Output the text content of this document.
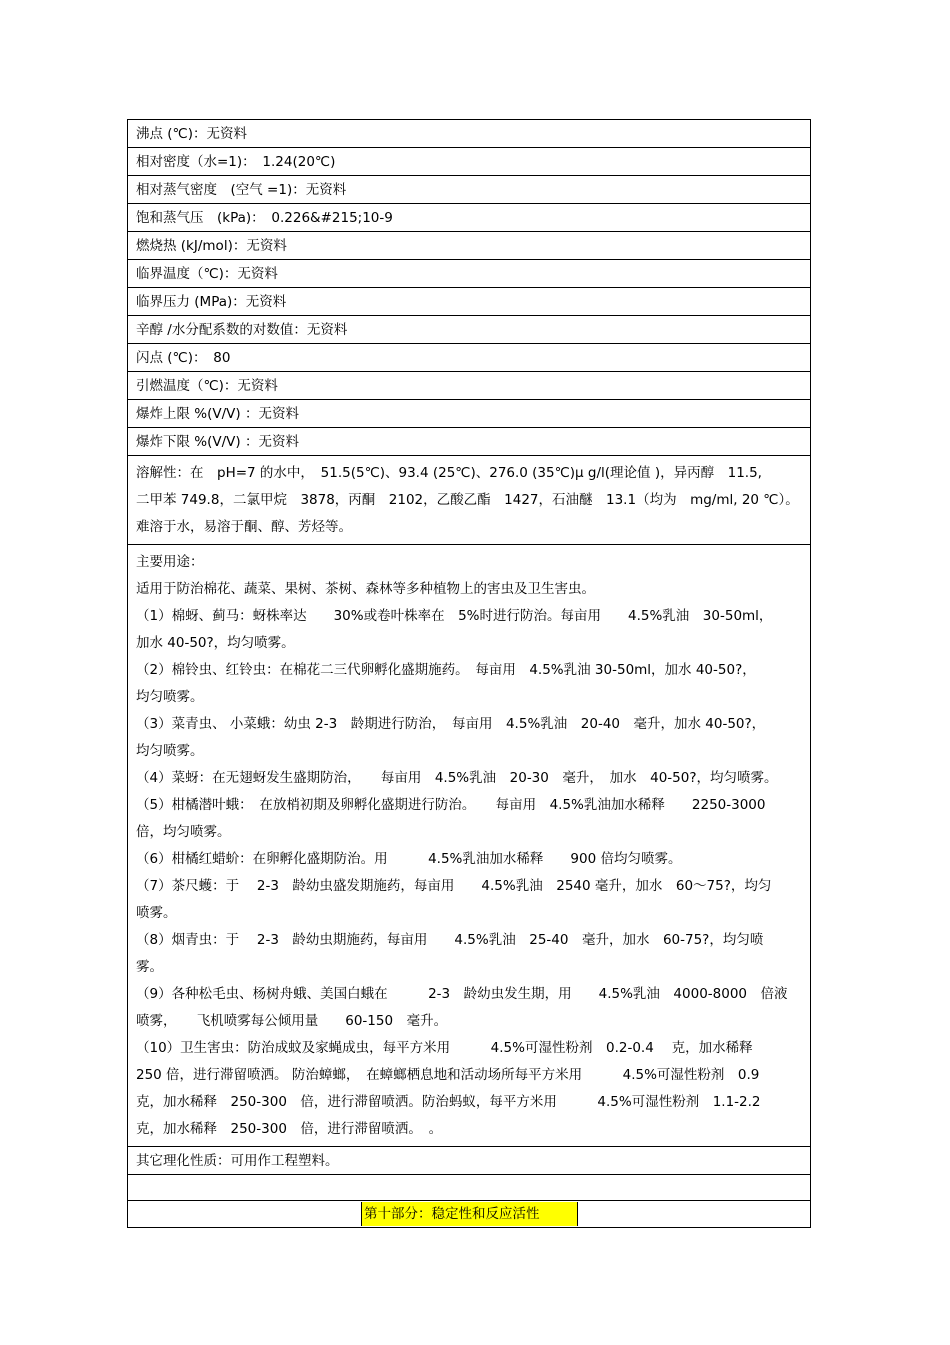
沸点 (℃)：无资料
相对密度（水=1)：　1.24(20℃)
相对蒸气密度　(空气 =1)：无资料
饱和蒸气压　(kPa)：　0.226&#215;10-9
燃烧热 (kJ/mol)：无资料
临界温度（℃)：无资料
临界压力 (MPa)：无资料
辛醇 /水分配系数的对数值：无资料
闪点 (℃)：　80
引燃温度（℃)：无资料
爆炸上限 %(V/V) ：无资料
爆炸下限 %(V/V) ：无资料

溶解性：在　pH=7 的水中，　51.5(5℃)、93.4 (25℃)、276.0 (35℃)μ g/l(理论值 )，异丙醇　11.5,

二甲苯 749.8，二氯甲烷　3878，丙酮　2102，乙酸乙酯　1427，石油醚　13.1（均为　mg/ml, 20 ℃）。

难溶于水，易溶于酮、醇、芳烃等。

主要用途：

适用于防治棉花、蔬菜、果树、茶树、森林等多种植物上的害虫及卫生害虫。

（1）棉蚜、蓟马：蚜株率达　　30%或卷叶株率在　5%时进行防治。每亩用　　4.5%乳油　30-50ml，

加水 40-50?，均匀喷雾。

（2）棉铃虫、红铃虫：在棉花二三代卵孵化盛期施药。　每亩用　4.5%乳油 30-50ml，加水 40-50?，

均匀喷雾。

（3）菜青虫、 小菜蛾：幼虫 2-3　龄期进行防治，　每亩用　4.5%乳油　20-40　毫升，加水 40-50?，

均匀喷雾。

（4）菜蚜：在无翅蚜发生盛期防治，　　每亩用　4.5%乳油　20-30　毫升，　加水　40-50?，均匀喷雾。

（5）柑橘潜叶蛾：　在放梢初期及卵孵化盛期进行防治。　　每亩用　4.5%乳油加水稀释　　2250-3000

倍，均匀喷雾。

（6）柑橘红蜡蚧：在卵孵化盛期防治。用　　　4.5%乳油加水稀释　　900 倍均匀喷雾。

（7）茶尺蠖：于　 2-3　龄幼虫盛发期施药，每亩用　　4.5%乳油　2540 毫升，加水　60～75?，均匀

喷雾。

（8）烟青虫：于　 2-3　龄幼虫期施药，每亩用　　4.5%乳油　25-40　毫升，加水　60-75?，均匀喷

雾。

（9）各种松毛虫、杨树舟蛾、美国白蛾在　　　2-3　龄幼虫发生期，用　　4.5%乳油　4000-8000　倍液

喷雾，　　飞机喷雾每公倾用量　　60-150　毫升。

（10）卫生害虫：防治成蚊及家蝇成虫，每平方米用　　　4.5%可湿性粉剂　0.2-0.4　 克，加水稀释

250 倍，进行滞留喷洒。 防治蟑螂，　在蟑螂栖息地和活动场所每平方米用　　　4.5%可湿性粉剂　0.9

克，加水稀释　250-300　倍，进行滞留喷洒。防治蚂蚁，每平方米用　　　4.5%可湿性粉剂　1.1-2.2

克，加水稀释　250-300　倍，进行滞留喷洒。　。

其它理化性质：可用作工程塑料。
第十部分：稳定性和反应活性
